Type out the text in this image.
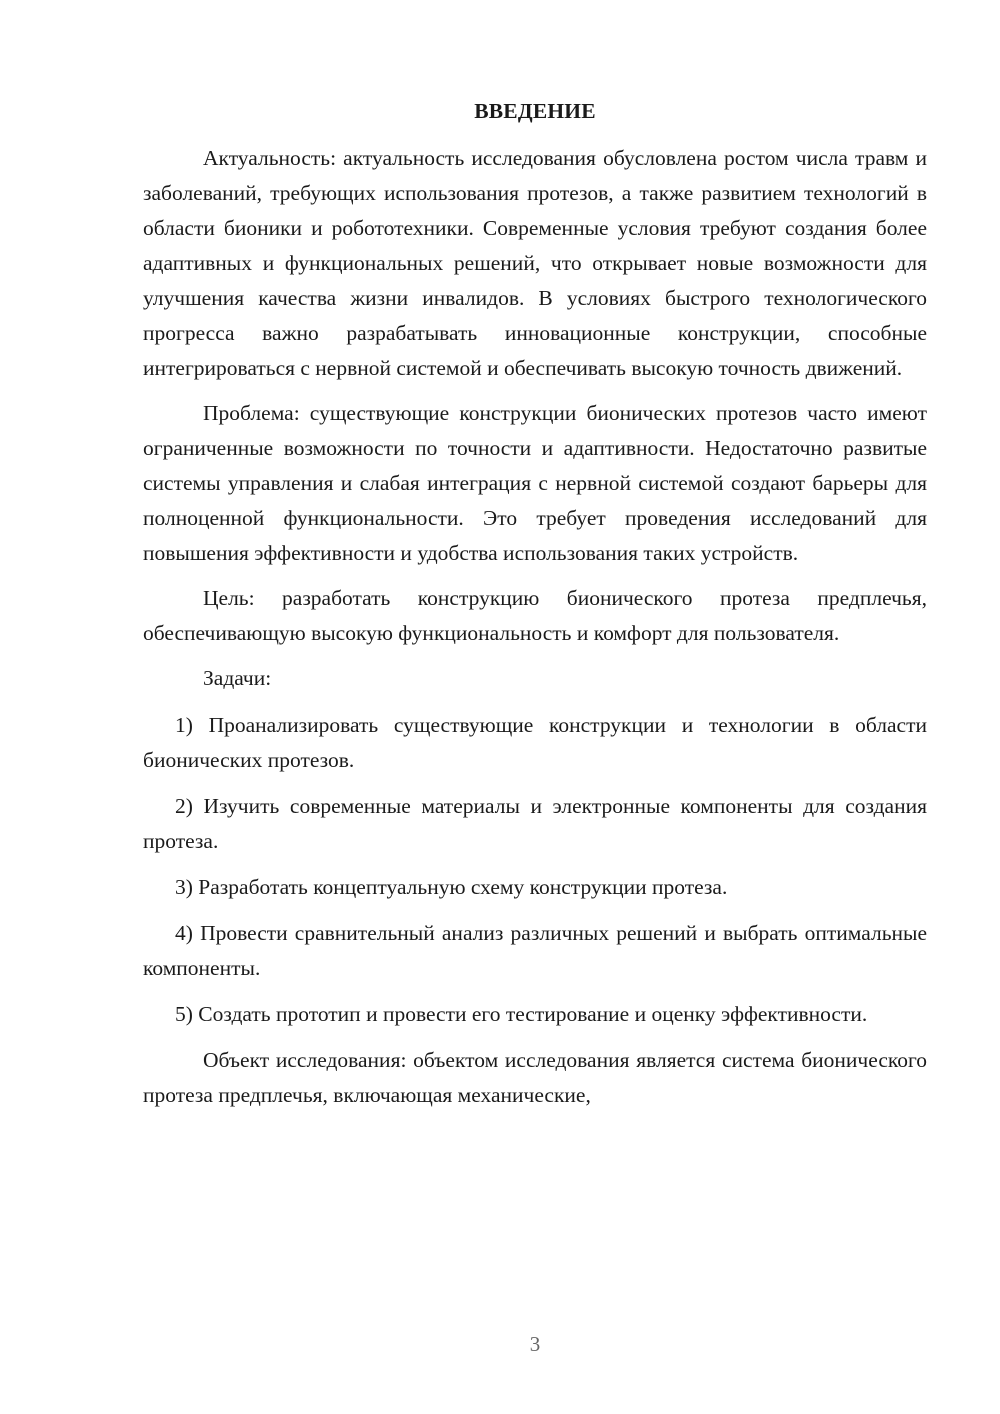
ВВЕДЕНИЕ

Актуальность: актуальность исследования обусловлена ростом числа травм и заболеваний, требующих использования протезов, а также развитием технологий в области бионики и робототехники. Современные условия требуют создания более адаптивных и функциональных решений, что открывает новые возможности для улучшения качества жизни инвалидов. В условиях быстрого технологического прогресса важно разрабатывать инновационные конструкции, способные интегрироваться с нервной системой и обеспечивать высокую точность движений.

Проблема: существующие конструкции бионических протезов часто имеют ограниченные возможности по точности и адаптивности. Недостаточно развитые системы управления и слабая интеграция с нервной системой создают барьеры для полноценной функциональности. Это требует проведения исследований для повышения эффективности и удобства использования таких устройств.

Цель: разработать конструкцию бионического протеза предплечья, обеспечивающую высокую функциональность и комфорт для пользователя.

Задачи:

1) Проанализировать существующие конструкции и технологии в области бионических протезов.

2) Изучить современные материалы и электронные компоненты для создания протеза.

3) Разработать концептуальную схему конструкции протеза.

4) Провести сравнительный анализ различных решений и выбрать оптимальные компоненты.

5) Создать прототип и провести его тестирование и оценку эффективности.

Объект исследования: объектом исследования является система бионического протеза предплечья, включающая механические,

3
